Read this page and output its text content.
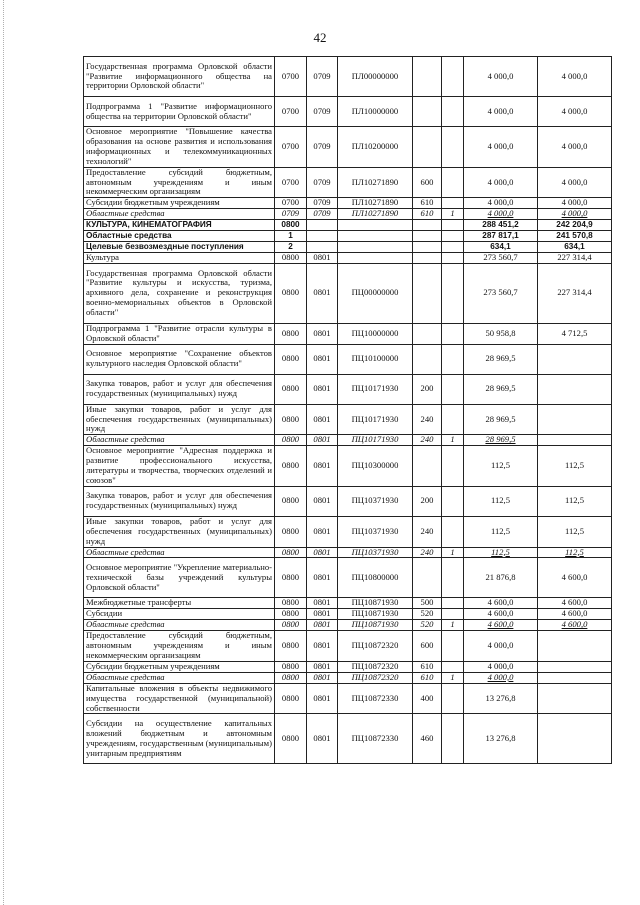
42
Государственная программа Орловской области "Развитие информационного общества на территории Орловской области"	0700	0709	ПЛ00000000			4 000,0	4 000,0
Подпрограмма 1 "Развитие информационного общества на территории Орловской области"	0700	0709	ПЛ10000000			4 000,0	4 000,0
Основное мероприятие "Повышение качества образования на основе развития и использования информационных и телекоммуникационных технологий"	0700	0709	ПЛ10200000			4 000,0	4 000,0
Предоставление субсидий бюджетным, автономным учреждениям и иным некоммерческим организациям	0700	0709	ПЛ10271890	600		4 000,0	4 000,0
Субсидии бюджетным учреждениям	0700	0709	ПЛ10271890	610		4 000,0	4 000,0
Областные средства	0709	0709	ПЛ10271890	610	1	4 000,0	4 000,0
КУЛЬТУРА, КИНЕМАТОГРАФИЯ	0800					288 451,2	242 204,9
Областные средства	1					287 817,1	241 570,8
Целевые безвозмездные поступления	2					634,1	634,1
Культура	0800	0801				273 560,7	227 314,4
Государственная программа Орловской области "Развитие культуры и искусства, туризма, архивного дела, сохранение и реконструкция военно-мемориальных объектов в Орловской области"	0800	0801	ПЦ00000000			273 560,7	227 314,4
Подпрограмма 1 "Развитие отрасли культуры в Орловской области"	0800	0801	ПЦ10000000			50 958,8	4 712,5
Основное мероприятие "Сохранение объектов культурного наследия Орловской области"	0800	0801	ПЦ10100000			28 969,5	
Закупка товаров, работ и услуг для обеспечения государственных (муниципальных) нужд	0800	0801	ПЦ10171930	200		28 969,5	
Иные закупки товаров, работ и услуг для обеспечения государственных (муниципальных) нужд	0800	0801	ПЦ10171930	240		28 969,5	
Областные средства	0800	0801	ПЦ10171930	240	1	28 969,5	
Основное мероприятие "Адресная поддержка и развитие профессионального искусства, литературы и творчества, творческих отделений и союзов"	0800	0801	ПЦ10300000			112,5	112,5
Закупка товаров, работ и услуг для обеспечения государственных (муниципальных) нужд	0800	0801	ПЦ10371930	200		112,5	112,5
Иные закупки товаров, работ и услуг для обеспечения государственных (муниципальных) нужд	0800	0801	ПЦ10371930	240		112,5	112,5
Областные средства	0800	0801	ПЦ10371930	240	1	112,5	112,5
Основное мероприятие "Укрепление материально-технической базы учреждений культуры Орловской области"	0800	0801	ПЦ10800000			21 876,8	4 600,0
Межбюджетные трансферты	0800	0801	ПЦ10871930	500		4 600,0	4 600,0
Субсидии	0800	0801	ПЦ10871930	520		4 600,0	4 600,0
Областные средства	0800	0801	ПЦ10871930	520	1	4 600,0	4 600,0
Предоставление субсидий бюджетным, автономным учреждениям и иным некоммерческим организациям	0800	0801	ПЦ10872320	600		4 000,0	
Субсидии бюджетным учреждениям	0800	0801	ПЦ10872320	610		4 000,0	
Областные средства	0800	0801	ПЦ10872320	610	1	4 000,0	
Капитальные вложения в объекты недвижимого имущества государственной (муниципальной) собственности	0800	0801	ПЦ10872330	400		13 276,8	
Субсидии на осуществление капитальных вложений бюджетным и автономным учреждениям, государственным (муниципальным) унитарным предприятиям	0800	0801	ПЦ10872330	460		13 276,8	
